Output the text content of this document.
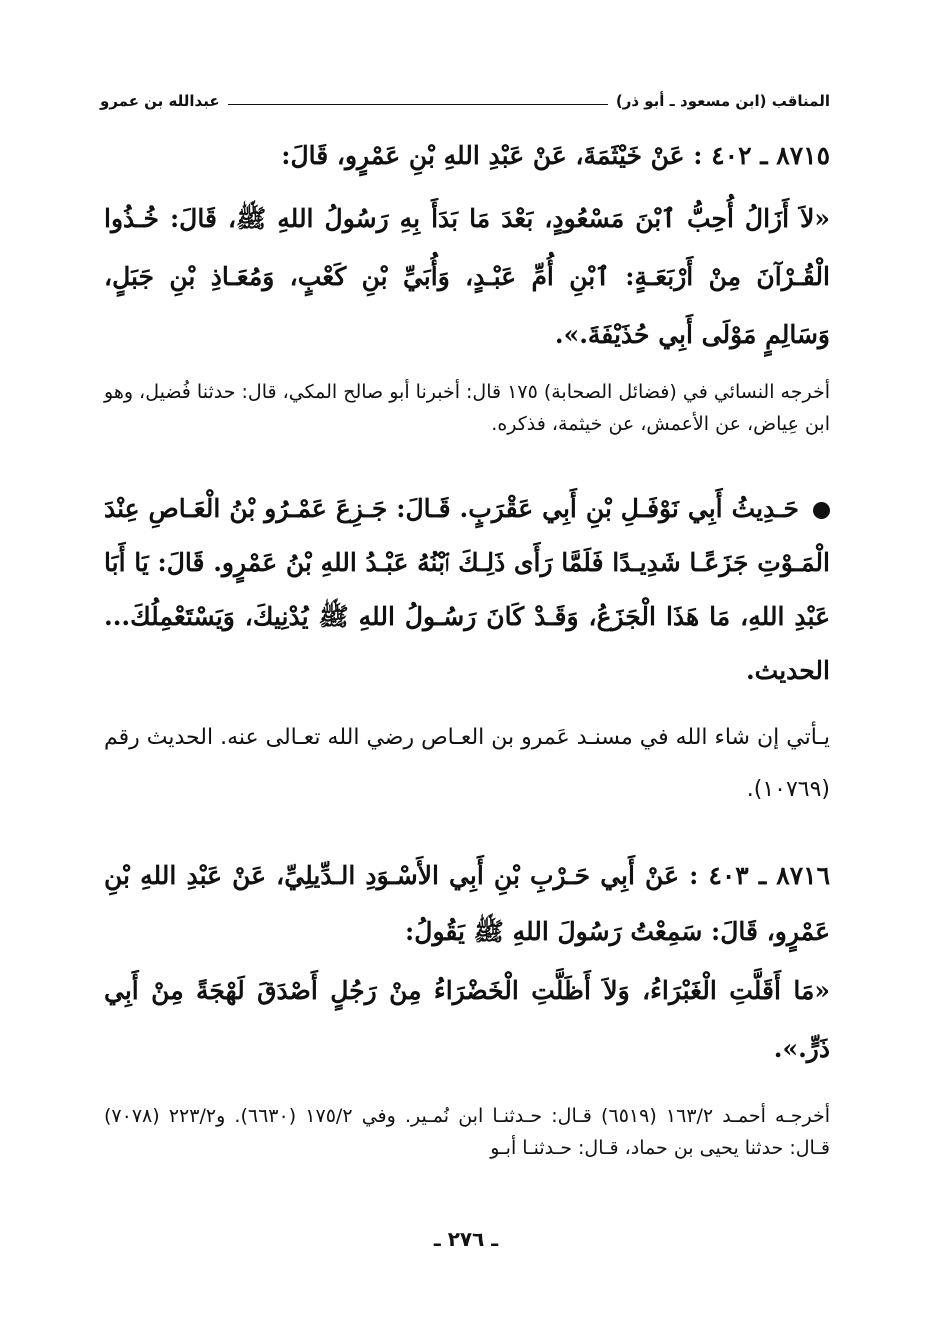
المناقب (ابن مسعود ـ أبو ذر)
عبدالله بن عمرو
٨٧١٥ ـ ٤٠٢ : عَنْ خَيْثَمَةَ، عَنْ عَبْدِ اللهِ بْنِ عَمْرٍو، قَالَ:
«لاَ أَزَالُ أُحِبُّ ٱبْنَ مَسْعُودٍ، بَعْدَ مَا بَدَأَ بِهِ رَسُولُ اللهِ ﷺ، قَالَ: خُـذُوا الْقُـرْآنَ مِنْ أَرْبَعَـةٍ: ٱبْنِ أُمِّ عَبْـدٍ، وَأُبَيِّ بْنِ كَعْبٍ، وَمُعَـاذِ بْنِ جَبَلٍ، وَسَالِمٍ مَوْلَى أَبِي حُذَيْفَةَ.».
أخرجه النسائي في (فضائل الصحابة) ١٧٥ قال: أخبرنا أبو صالح المكي، قال: حدثنا فُضيل، وهو ابن عِياض، عن الأعمش، عن خيثمة، فذكره.
حَـدِيثُ أَبِي نَوْفَـلِ بْنِ أَبِي عَقْرَبٍ. قَـالَ: جَـزِعَ عَمْـرُو بْنُ الْعَـاصِ عِنْدَ الْمَـوْتِ جَزَعًـا شَدِيـدًا فَلَمَّا رَأَى ذَلِـكَ ٱبْنُهُ عَبْـدُ اللهِ بْنُ عَمْرٍو. قَالَ: يَا أَبَا عَبْدِ اللهِ، مَا هَذَا الْجَزَعُ، وَقَـدْ كَانَ رَسُـولُ اللهِ ﷺ يُدْنِيكَ، وَيَسْتَعْمِلُكَ... الحديث.
يـأتي إن شاء الله في مسنـد عَمرو بن العـاص رضي الله تعـالى عنه. الحديث رقم (١٠٧٦٩).
٨٧١٦ ـ ٤٠٣ : عَنْ أَبِي حَـرْبِ بْنِ أَبِي الأَسْـوَدِ الـدِّيلِيِّ، عَنْ عَبْدِ اللهِ بْنِ عَمْرٍو، قَالَ: سَمِعْتُ رَسُولَ اللهِ ﷺ يَقُولُ:
«مَا أَقَلَّتِ الْغَبْرَاءُ، وَلاَ أَظَلَّتِ الْخَضْرَاءُ مِنْ رَجُلٍ أَصْدَقَ لَهْجَةً مِنْ أَبِي ذَرٍّ.».
أخرجـه أحمـد ١٦٣/٢ (٦٥١٩) قـال: حـدثنـا ابن نُمـير. وفي ١٧٥/٢ (٦٦٣٠). و٢٢٣/٢ (٧٠٧٨) قـال: حدثنا يحيى بن حماد، قـال: حـدثنـا أبـو
ـ ٢٧٦ ـ
